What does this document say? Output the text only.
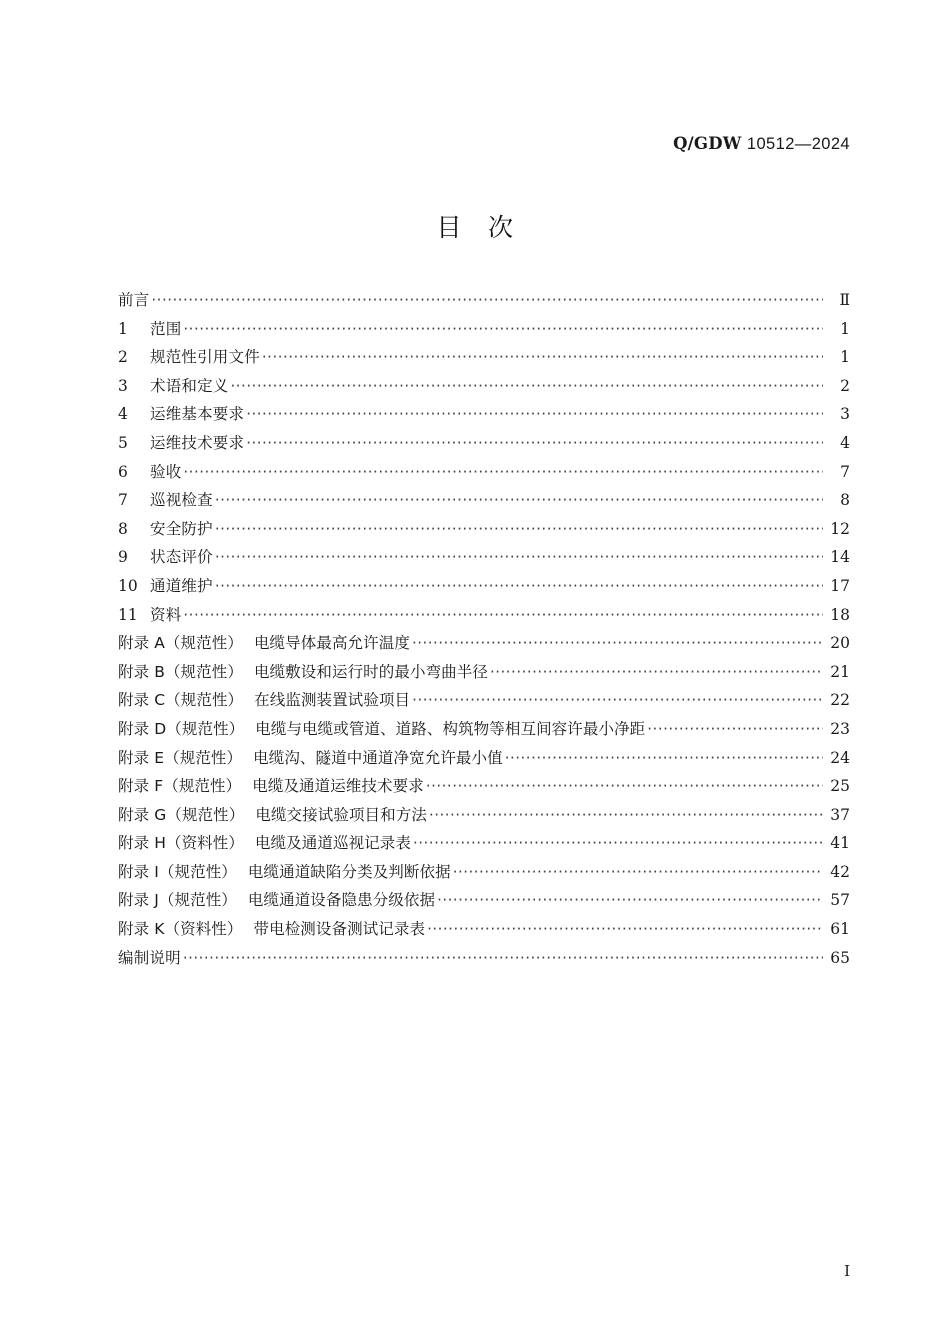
Q/GDW 10512—2024
目 次
前言 ·····	Ⅱ
1	范围 ·····	1
2	规范性引用文件 ·····	1
3	术语和定义 ·····	2
4	运维基本要求 ·····	3
5	运维技术要求 ·····	4
6	验收 ·····	7
7	巡视检查 ·····	8
8	安全防护 ·····	12
9	状态评价 ·····	14
10 通道维护 ·····	17
11 资料 ·····	18
附录 A（规范性） 电缆导体最高允许温度 ·····	20
附录 B（规范性） 电缆敷设和运行时的最小弯曲半径 ·····	21
附录 C（规范性） 在线监测装置试验项目 ·····	22
附录 D（规范性） 电缆与电缆或管道、道路、构筑物等相互间容许最小净距 ·····	23
附录 E（规范性） 电缆沟、隧道中通道净宽允许最小值 ·····	24
附录 F（规范性） 电缆及通道运维技术要求 ·····	25
附录 G（规范性） 电缆交接试验项目和方法 ·····	37
附录 H（资料性） 电缆及通道巡视记录表 ·····	41
附录 I（规范性） 电缆通道缺陷分类及判断依据 ·····	42
附录 J（规范性） 电缆通道设备隐患分级依据 ·····	57
附录 K（资料性） 带电检测设备测试记录表 ·····	61
编制说明 ·····	65
I
